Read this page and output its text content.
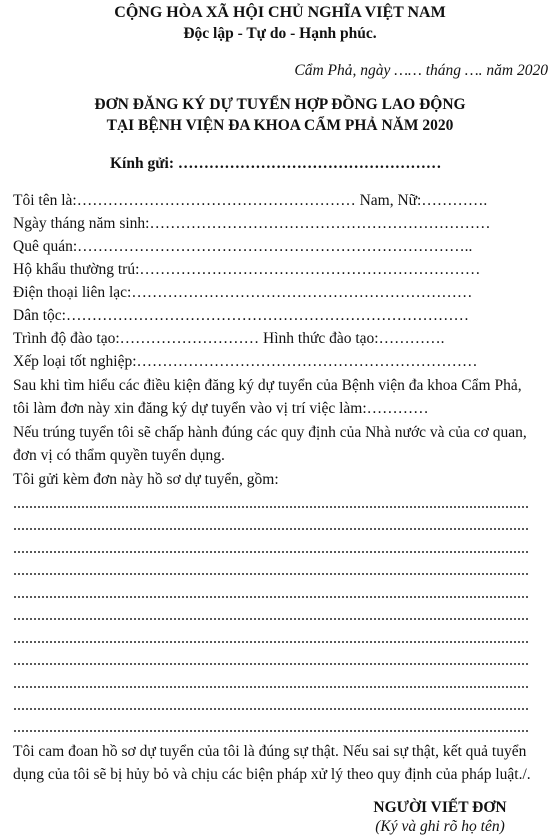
CỘNG HÒA XÃ HỘI CHỦ NGHĨA VIỆT NAM
Độc lập - Tự do - Hạnh phúc.
Cẩm Phả, ngày …… tháng …. năm 2020
ĐƠN ĐĂNG KÝ DỰ TUYỂN HỢP ĐỒNG LAO ĐỘNG
TẠI BỆNH VIỆN ĐA KHOA CẨM PHẢ NĂM 2020
Kính gửi: ……………………………………………
Tôi tên là:……………………………………………… Nam, Nữ:………….
Ngày tháng năm sinh:…………………………………………………………
Quê quán:…………………………………………………………………..
Hộ khẩu thường trú:…………………………………………………………
Điện thoại liên lạc:…………………………………………………………
Dân tộc:……………………………………………………………………
Trình độ đào tạo:……………………… Hình thức đào tạo:………….
Xếp loại tốt nghiệp:…………………………………………………………
Sau khi tìm hiểu các điều kiện đăng ký dự tuyển của Bệnh viện đa khoa Cẩm Phả,
tôi làm đơn này xin đăng ký dự tuyển vào vị trí việc làm:…………
Nếu trúng tuyển tôi sẽ chấp hành đúng các quy định của Nhà nước và của cơ quan,
đơn vị có thẩm quyền tuyển dụng.
Tôi gửi kèm đơn này hồ sơ dự tuyển, gồm:
Tôi cam đoan hồ sơ dự tuyển của tôi là đúng sự thật. Nếu sai sự thật, kết quả tuyển
dụng của tôi sẽ bị hủy bỏ và chịu các biện pháp xử lý theo quy định của pháp luật./.
NGƯỜI VIẾT ĐƠN
(Ký và ghi rõ họ tên)
